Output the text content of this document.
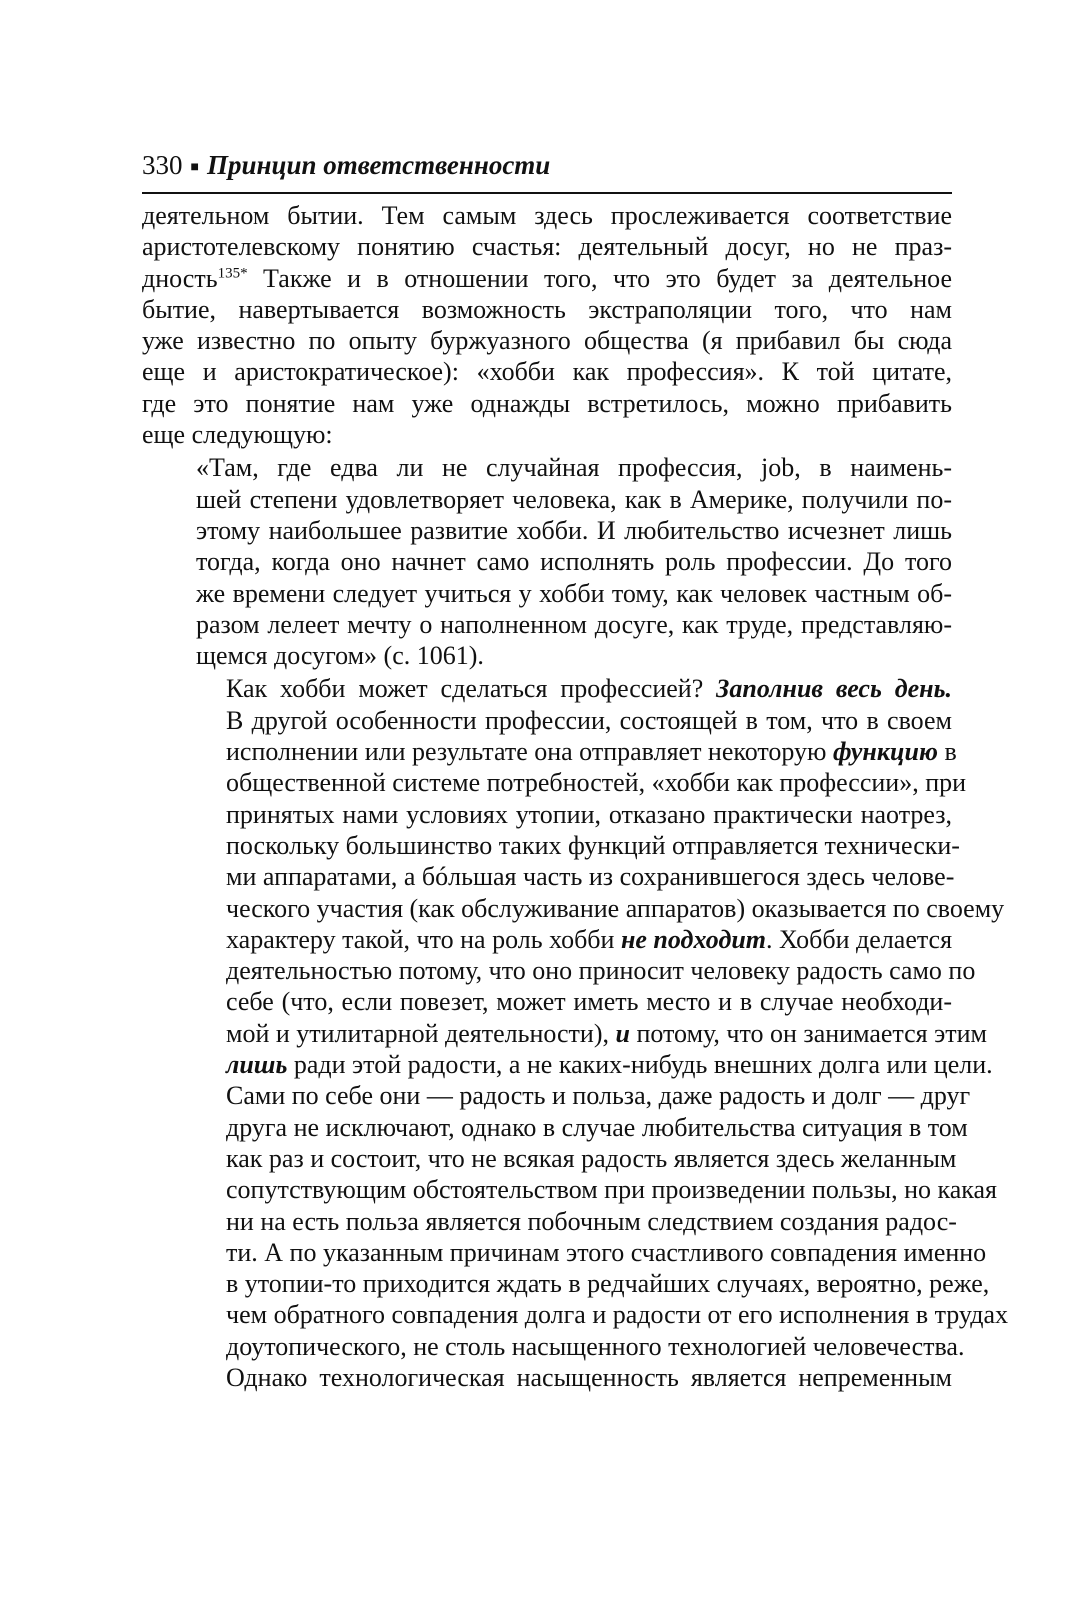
330 ■ Принцип ответственности

деятельном бытии. Тем самым здесь прослеживается соответствие
аристотелевскому понятию счастья: деятельный досуг, но не праз-
дность$^{135*}$ Также и в отношении того, что это будет за деятельное
бытие, навертывается возможность экстраполяции того, что нам
уже известно по опыту буржуазного общества (я прибавил бы сюда
еще и аристократическое): «хобби как профессия». К той цитате,
где это понятие нам уже однажды встретилось, можно прибавить
еще следующую:

«Там, где едва ли не случайная профессия, job, в наимень-
шей степени удовлетворяет человека, как в Америке, получили по-
этому наибольшее развитие хобби. И любительство исчезнет лишь
тогда, когда оно начнет само исполнять роль профессии. До того
же времени следует учиться у хобби тому, как человек частным об-
разом лелеет мечту о наполненном досуге, как труде, представляю-
щемся досугом» (с. 1061).

Как хобби может сделаться профессией? Заполнив весь день.
В другой особенности профессии, состоящей в том, что в своем
исполнении или результате она отправляет некоторую функцию в
общественной системе потребностей, «хобби как профессии», при
принятых нами условиях утопии, отказано практически наотрез,
поскольку большинство таких функций отправляется технически-
ми аппаратами, а бóльшая часть из сохранившегося здесь челове-
ческого участия (как обслуживание аппаратов) оказывается по своему
характеру такой, что на роль хобби не подходит. Хобби делается
деятельностью потому, что оно приносит человеку радость само по
себе (что, если повезет, может иметь место и в случае необходи-
мой и утилитарной деятельности), и потому, что он занимается этим
лишь ради этой радости, а не каких-нибудь внешних долга или цели.
Сами по себе они — радость и польза, даже радость и долг — друг
друга не исключают, однако в случае любительства ситуация в том
как раз и состоит, что не всякая радость является здесь желанным
сопутствующим обстоятельством при произведении пользы, но какая
ни на есть польза является побочным следствием создания радос-
ти. А по указанным причинам этого счастливого совпадения именно
в утопии-то приходится ждать в редчайших случаях, вероятно, реже,
чем обратного совпадения долга и радости от его исполнения в трудах
доутопического, не столь насыщенного технологией человечества.
Однако технологическая насыщенность является непременным
